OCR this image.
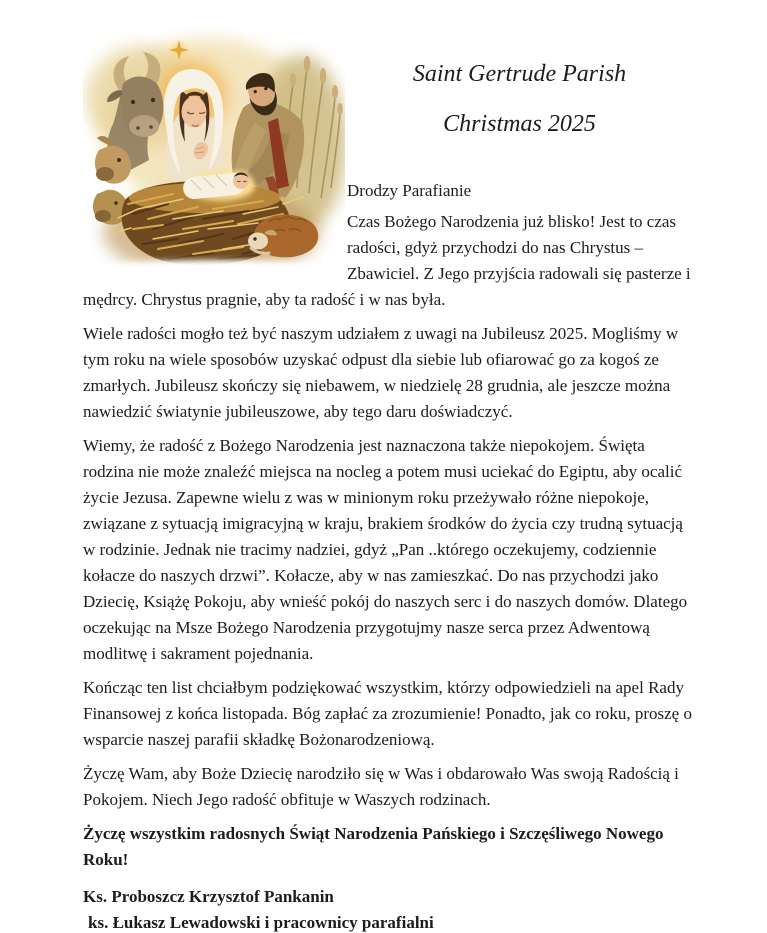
Saint Gertrude Parish
Christmas 2025

Drodzy Parafianie

Czas Bożego Narodzenia już blisko! Jest to czas radości, gdyż przychodzi do nas Chrystus – Zbawiciel. Z Jego przyjścia radowali się pasterze i mędrcy. Chrystus pragnie, aby ta radość i w nas była.

Wiele radości mogło też być naszym udziałem z uwagi na Jubileusz 2025. Mogliśmy w tym roku na wiele sposobów uzyskać odpust dla siebie lub ofiarować go za kogoś ze zmarłych. Jubileusz skończy się niebawem, w niedzielę 28 grudnia, ale jeszcze można nawiedzić światynie jubileuszowe, aby tego daru doświadczyć.

Wiemy, że radość z Bożego Narodzenia jest naznaczona także niepokojem. Święta rodzina nie może znaleźć miejsca na nocleg a potem musi uciekać do Egiptu, aby ocalić życie Jezusa. Zapewne wielu z was w minionym roku przeżywało różne niepokoje, związane z sytuacją imigracyjną w kraju, brakiem środków do życia czy trudną sytuacją w rodzinie. Jednak nie tracimy nadziei, gdyż „Pan ..którego oczekujemy, codziennie kołacze do naszych drzwi”. Kołacze, aby w nas zamieszkać. Do nas przychodzi jako Dziecię, Książę Pokoju, aby wnieść pokój do naszych serc i do naszych domów. Dlatego oczekując na Msze Bożego Narodzenia przygotujmy nasze serca przez Adwentową modlitwę i sakrament pojednania.

Kończąc ten list chciałbym podziękować wszystkim, którzy odpowiedzieli na apel Rady Finansowej z końca listopada. Bóg zapłać za zrozumienie! Ponadto, jak co roku, proszę o wsparcie naszej parafii składkę Bożonarodzeniową.

Życzę Wam, aby Boże Dziecię narodziło się w Was i obdarowało Was swoją Radością i Pokojem. Niech Jego radość obfituje w Waszych rodzinach.

Życzę wszystkim radosnych Świąt Narodzenia Pańskiego i Szczęśliwego Nowego Roku!

Ks. Proboszcz Krzysztof Pankanin
ks. Łukasz Lewadowski i pracownicy parafialni
